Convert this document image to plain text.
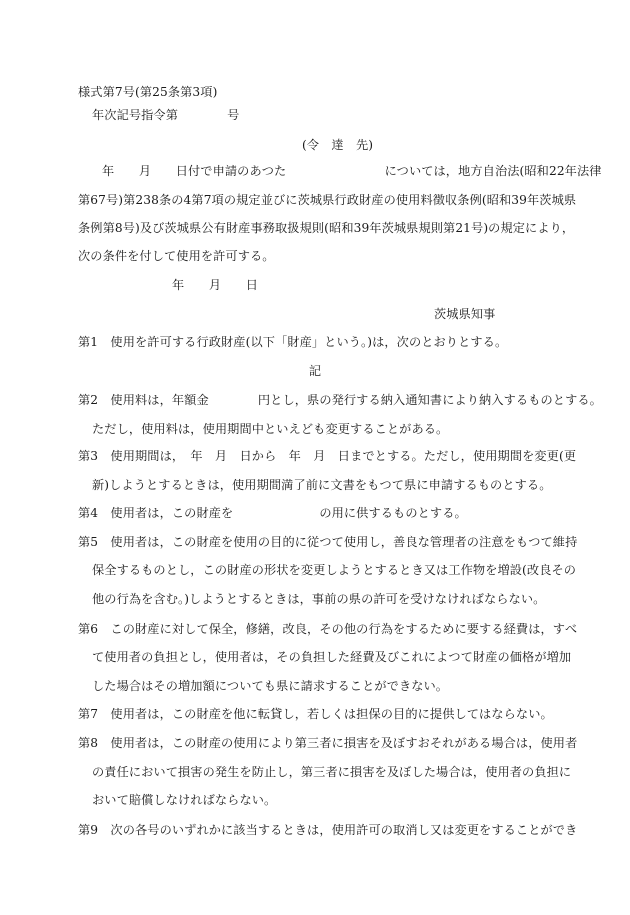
様式第7号(第25条第3項)

年次記号指令第　　　　号

(令　達　先)

年　　月　　日付で申請のあつた　　　　　　　　については，地方自治法(昭和22年法律

第67号)第238条の4第7項の規定並びに茨城県行政財産の使用料徴収条例(昭和39年茨城県

条例第8号)及び茨城県公有財産事務取扱規則(昭和39年茨城県規則第21号)の規定により，

次の条件を付して使用を許可する。

年　　月　　日

茨城県知事

第1　使用を許可する行政財産(以下「財産」という。)は，次のとおりとする。

記

第2　使用料は，年額金　　　　円とし，県の発行する納入通知書により納入するものとする。

ただし，使用料は，使用期間中といえども変更することがある。

第3　使用期間は，　年　月　日から　年　月　日までとする。ただし，使用期間を変更(更

新)しようとするときは，使用期間満了前に文書をもつて県に申請するものとする。

第4　使用者は，この財産を　　　　　　　の用に供するものとする。

第5　使用者は，この財産を使用の目的に従つて使用し，善良な管理者の注意をもつて維持

保全するものとし，この財産の形状を変更しようとするとき又は工作物を増設(改良その

他の行為を含む。)しようとするときは，事前の県の許可を受けなければならない。

第6　この財産に対して保全，修繕，改良，その他の行為をするために要する経費は，すべ

て使用者の負担とし，使用者は，その負担した経費及びこれによつて財産の価格が増加

した場合はその増加額についても県に請求することができない。

第7　使用者は，この財産を他に転貸し，若しくは担保の目的に提供してはならない。

第8　使用者は，この財産の使用により第三者に損害を及ぼすおそれがある場合は，使用者

の責任において損害の発生を防止し，第三者に損害を及ぼした場合は，使用者の負担に

おいて賠償しなければならない。

第9　次の各号のいずれかに該当するときは，使用許可の取消し又は変更をすることができ
